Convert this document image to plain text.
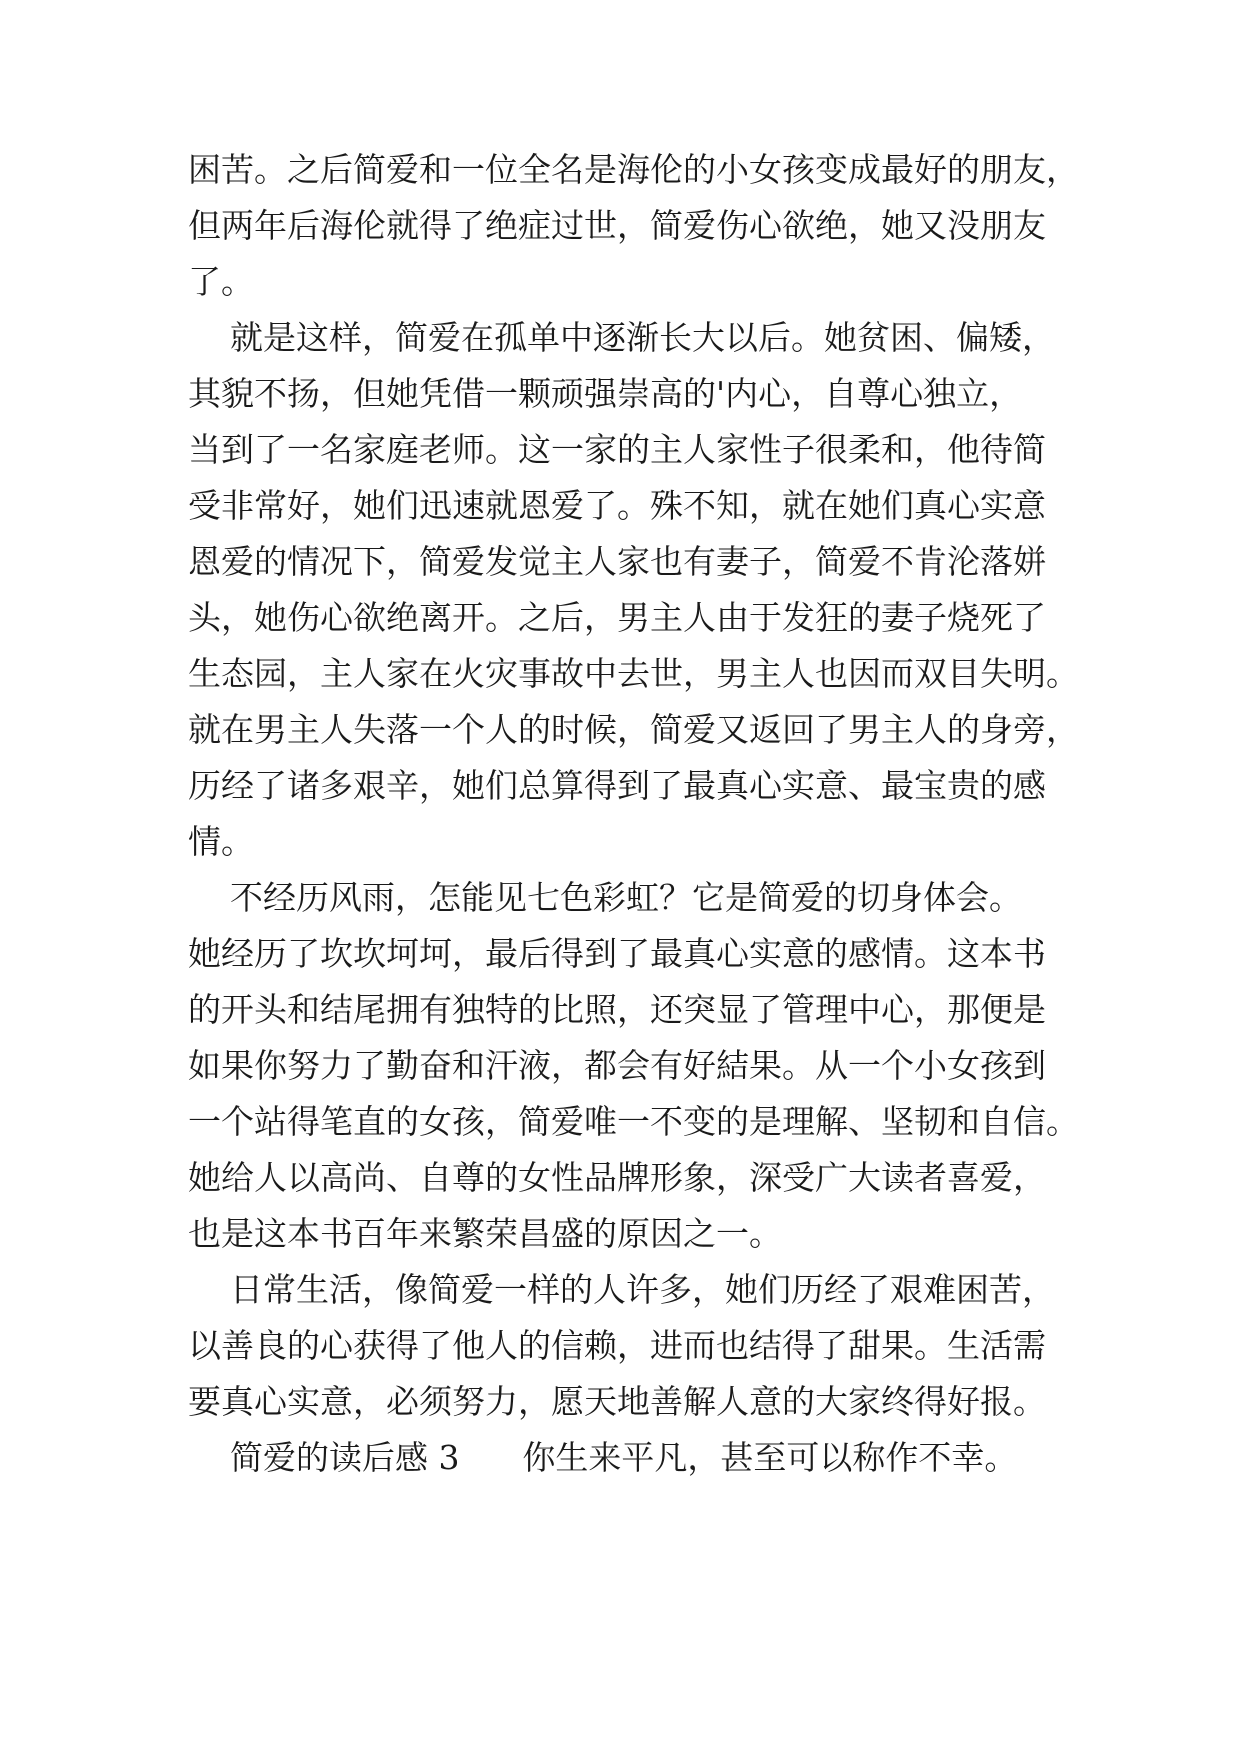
困苦。之后简爱和一位全名是海伦的小女孩变成最好的朋友，
但两年后海伦就得了绝症过世，简爱伤心欲绝，她又没朋友
了。
就是这样，简爱在孤单中逐渐长大以后。她贫困、偏矮，
其貌不扬，但她凭借一颗顽强崇高的'内心，自尊心独立，
当到了一名家庭老师。这一家的主人家性子很柔和，他待简
受非常好，她们迅速就恩爱了。殊不知，就在她们真心实意
恩爱的情况下，简爱发觉主人家也有妻子，简爱不肯沦落姘
头，她伤心欲绝离开。之后，男主人由于发狂的妻子烧死了
生态园，主人家在火灾事故中去世，男主人也因而双目失明。
就在男主人失落一个人的时候，简爱又返回了男主人的身旁，
历经了诸多艰辛，她们总算得到了最真心实意、最宝贵的感
情。
不经历风雨，怎能见七色彩虹？它是简爱的切身体会。
她经历了坎坎坷坷，最后得到了最真心实意的感情。这本书
的开头和结尾拥有独特的比照，还突显了管理中心，那便是
如果你努力了勤奋和汗液，都会有好結果。从一个小女孩到
一个站得笔直的女孩，简爱唯一不变的是理解、坚韧和自信。
她给人以高尚、自尊的女性品牌形象，深受广大读者喜爱，
也是这本书百年来繁荣昌盛的原因之一。
日常生活，像简爱一样的人许多，她们历经了艰难困苦，
以善良的心获得了他人的信赖，进而也结得了甜果。生活需
要真心实意，必须努力，愿天地善解人意的大家终得好报。
简爱的读后感 3      你生来平凡，甚至可以称作不幸。
